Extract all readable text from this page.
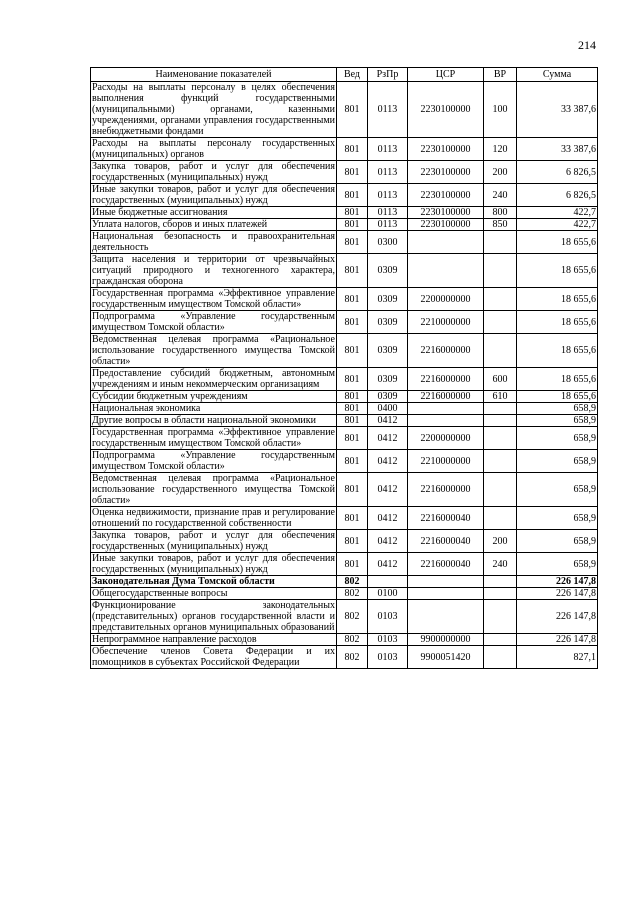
214
Наименование показателей	Вед	РзПр	ЦСР	ВР	Сумма
Расходы на выплаты персоналу в целях обеспечения выполнения функций государственными (муниципальными) органами, казенными учреждениями, органами управления государственными внебюджетными фондами	801	0113	2230100000	100	33 387,6
Расходы на выплаты персоналу государственных (муниципальных) органов	801	0113	2230100000	120	33 387,6
Закупка товаров, работ и услуг для обеспечения государственных (муниципальных) нужд	801	0113	2230100000	200	6 826,5
Иные закупки товаров, работ и услуг для обеспечения государственных (муниципальных) нужд	801	0113	2230100000	240	6 826,5
Иные бюджетные ассигнования	801	0113	2230100000	800	422,7
Уплата налогов, сборов и иных платежей	801	0113	2230100000	850	422,7
Национальная безопасность и правоохранительная деятельность	801	0300			18 655,6
Защита населения и территории от чрезвычайных ситуаций природного и техногенного характера, гражданская оборона	801	0309			18 655,6
Государственная программа «Эффективное управление государственным имуществом Томской области»	801	0309	2200000000		18 655,6
Подпрограмма «Управление государственным имуществом Томской области»	801	0309	2210000000		18 655,6
Ведомственная целевая программа «Рациональное использование государственного имущества Томской области»	801	0309	2216000000		18 655,6
Предоставление субсидий бюджетным, автономным учреждениям и иным некоммерческим организациям	801	0309	2216000000	600	18 655,6
Субсидии бюджетным учреждениям	801	0309	2216000000	610	18 655,6
Национальная экономика	801	0400			658,9
Другие вопросы в области национальной экономики	801	0412			658,9
Государственная программа «Эффективное управление государственным имуществом Томской области»	801	0412	2200000000		658,9
Подпрограмма «Управление государственным имуществом Томской области»	801	0412	2210000000		658,9
Ведомственная целевая программа «Рациональное использование государственного имущества Томской области»	801	0412	2216000000		658,9
Оценка недвижимости, признание прав и регулирование отношений по государственной собственности	801	0412	2216000040		658,9
Закупка товаров, работ и услуг для обеспечения государственных (муниципальных) нужд	801	0412	2216000040	200	658,9
Иные закупки товаров, работ и услуг для обеспечения государственных (муниципальных) нужд	801	0412	2216000040	240	658,9
Законодательная Дума Томской области	802				226 147,8
Общегосударственные вопросы	802	0100			226 147,8
Функционирование законодательных (представительных) органов государственной власти и представительных органов муниципальных образований	802	0103			226 147,8
Непрограммное направление расходов	802	0103	9900000000		226 147,8
Обеспечение членов Совета Федерации и их помощников в субъектах Российской Федерации	802	0103	9900051420		827,1
